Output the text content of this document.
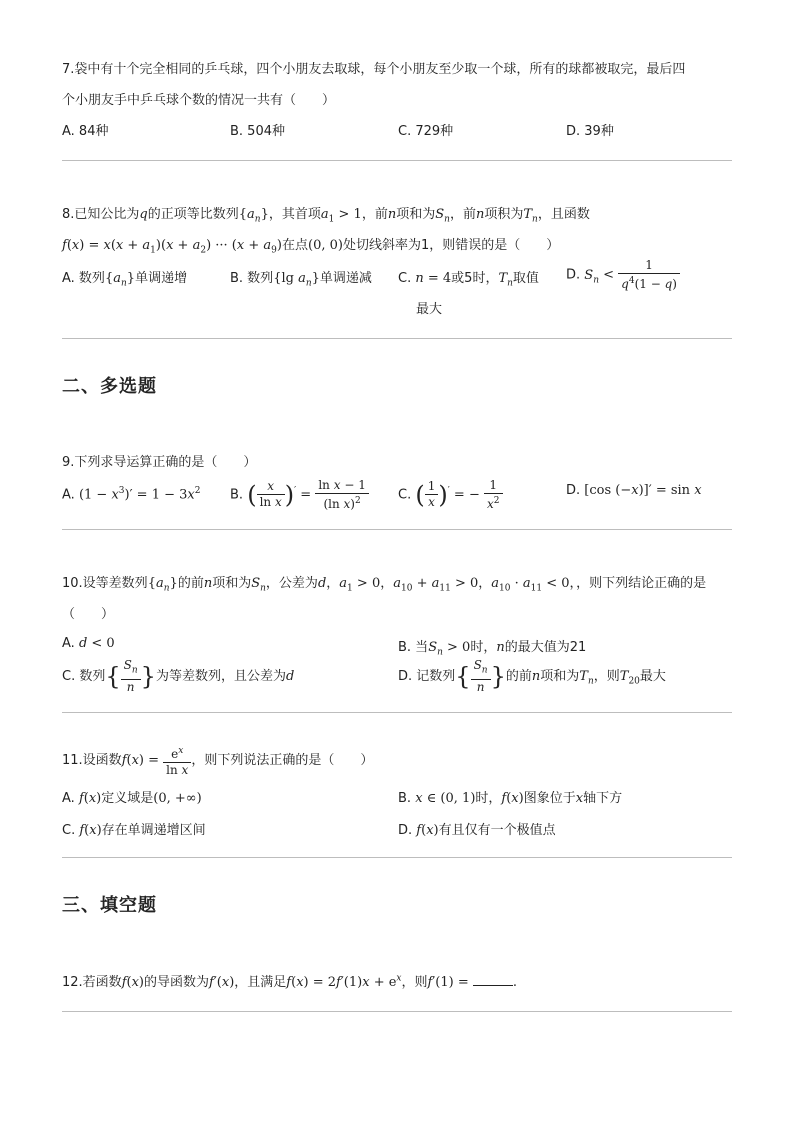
7.袋中有十个完全相同的乒乓球，四个小朋友去取球，每个小朋友至少取一个球，所有的球都被取完，最后四
个小朋友手中乒乓球个数的情况一共有（　　）
A. 84种	B. 504种	C. 729种	D. 39种
8.已知公比为q的正项等比数列$\{a_n\}$，其首项$a_1 > 1$，前n项和为$S_n$，前n项积为$T_n$，且函数
$f(x) = x(x + a_1)(x + a_2)$ ··· $(x + a_9)$在点(0, 0)处切线斜率为1，则错误的是（　　）
A. 数列$\{a_n\}$单调递增	B. 数列{lg $a_n$}单调递减 C. n = 4或5时，$T_n$取值
最大
D. $S_n < \frac{1}{q^4(1 - q)}$
二、多选题
9.下列求导运算正确的是（　　）
A. $(1 - x^3)' = 1 - 3x^2$ B. ( $\frac{x}{\text{ln x}} )' = \frac{\text{ln x − 1}}{(\ln x)^2} C$. ( $\frac{1}{x} )'$ = − $\frac{1}{x^2}$	D. [cos (−x)]′ = sin x
10.设等差数列$\{a_n\}$的前n项和为$S_n$，公差为d，$a_1 > 0$，$a_{10} + a_{11} > 0$，$a_{10} \cdot a_{11} < 0$，，则下列结论正确的是
（　　）
A. d < 0	B. 当$S_n > 0$时，n的最大值为21
C. 数列{ $\frac{S_n}{n}$ }为等差数列，且公差为d	D. 记数列{ $\frac{S_n}{n}$ }的前n项和为$T_n$，则$T_{20}$最大
11.设函数$f(x) = \frac{e^x}{\text{ln x}}$ ，则下列说法正确的是（　　）
A. f(x)定义域是(0, +∞)	B. x ∈ (0, 1)时，f(x)图象位于x轴下方
C. f(x)存在单调递增区间	D. f(x)有且仅有一个极值点
三、填空题
12.若函数f(x)的导函数为f′(x)，且满足$f(x) = 2f'(1)x + e^x$，则f′(1) =	.
